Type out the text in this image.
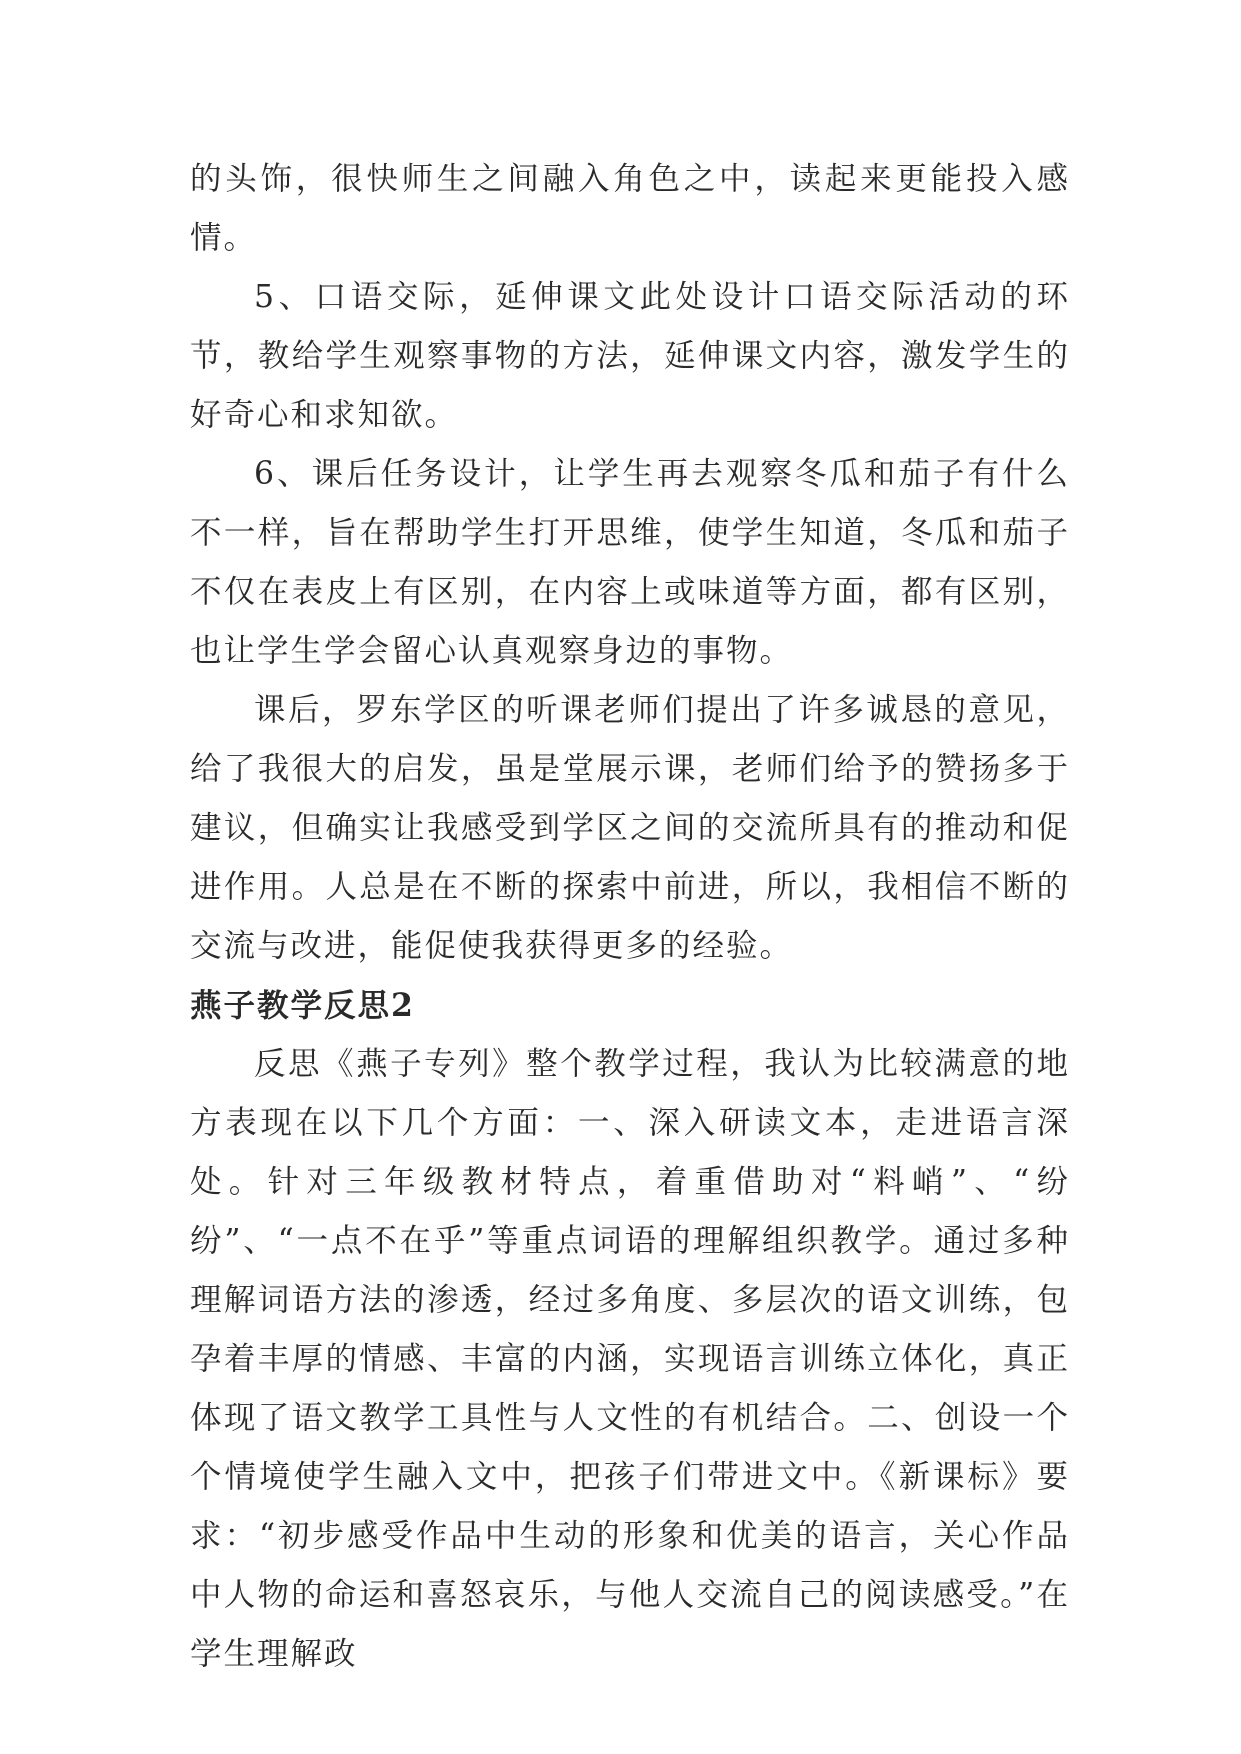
的头饰，很快师生之间融入角色之中，读起来更能投入感情。

5、口语交际，延伸课文此处设计口语交际活动的环节，教给学生观察事物的方法，延伸课文内容，激发学生的好奇心和求知欲。

6、课后任务设计，让学生再去观察冬瓜和茄子有什么不一样，旨在帮助学生打开思维，使学生知道，冬瓜和茄子不仅在表皮上有区别，在内容上或味道等方面，都有区别，也让学生学会留心认真观察身边的事物。

课后，罗东学区的听课老师们提出了许多诚恳的意见，给了我很大的启发，虽是堂展示课，老师们给予的赞扬多于建议，但确实让我感受到学区之间的交流所具有的推动和促进作用。人总是在不断的探索中前进，所以，我相信不断的交流与改进，能促使我获得更多的经验。

燕子教学反思2

反思《燕子专列》整个教学过程，我认为比较满意的地方表现在以下几个方面：一、深入研读文本，走进语言深处。针对三年级教材特点，着重借助对“料峭”、“纷纷”、“一点不在乎”等重点词语的理解组织教学。通过多种理解词语方法的渗透，经过多角度、多层次的语文训练，包孕着丰厚的情感、丰富的内涵，实现语言训练立体化，真正体现了语文教学工具性与人文性的有机结合。二、创设一个个情境使学生融入文中，把孩子们带进文中。《新课标》要求：“初步感受作品中生动的形象和优美的语言，关心作品中人物的命运和喜怒哀乐，与他人交流自己的阅读感受。”在学生理解政
